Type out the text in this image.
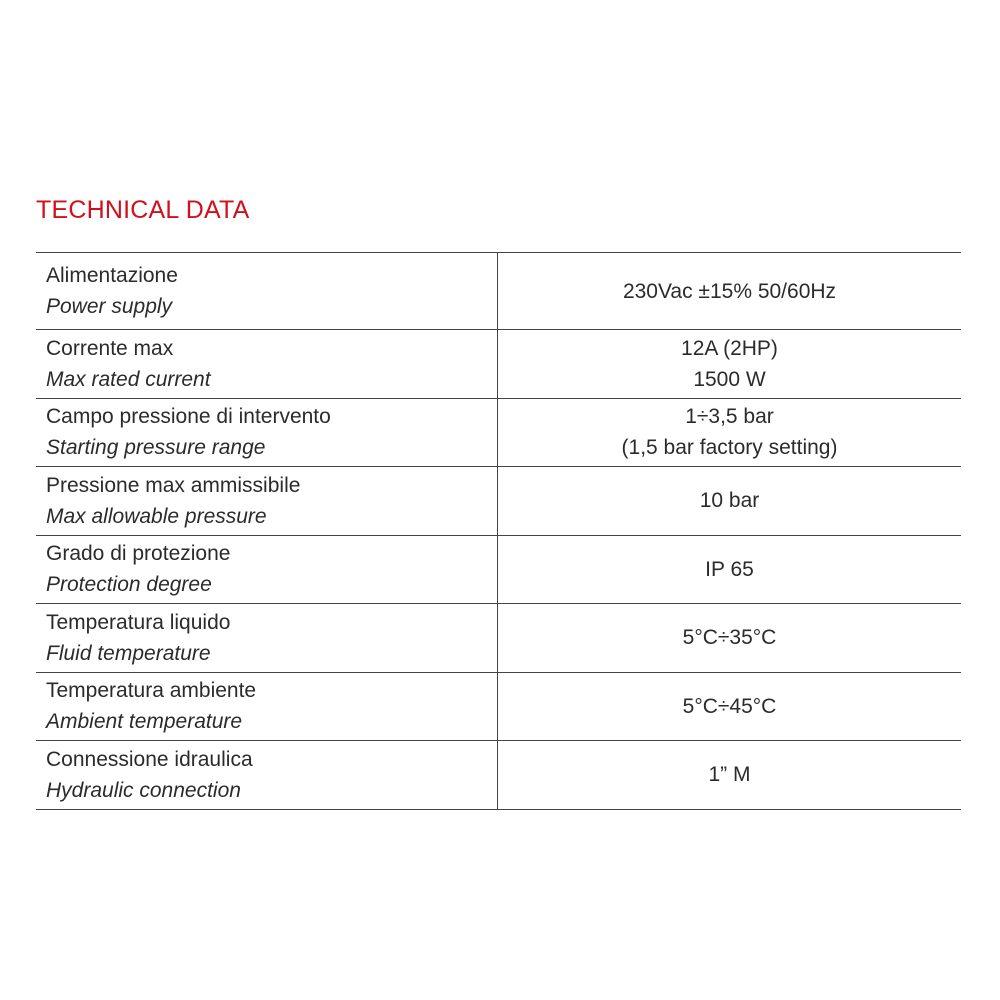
TECHNICAL DATA
Alimentazione
Power supply
230Vac ±15% 50/60Hz
Corrente max
Max rated current
12A (2HP)
1500 W
Campo pressione di intervento
Starting pressure range
1÷3,5 bar
(1,5 bar factory setting)
Pressione max ammissibile
Max allowable pressure
10 bar
Grado di protezione
Protection degree
IP 65
Temperatura liquido
Fluid temperature
5°C÷35°C
Temperatura ambiente
Ambient temperature
5°C÷45°C
Connessione idraulica
Hydraulic connection
1” M
